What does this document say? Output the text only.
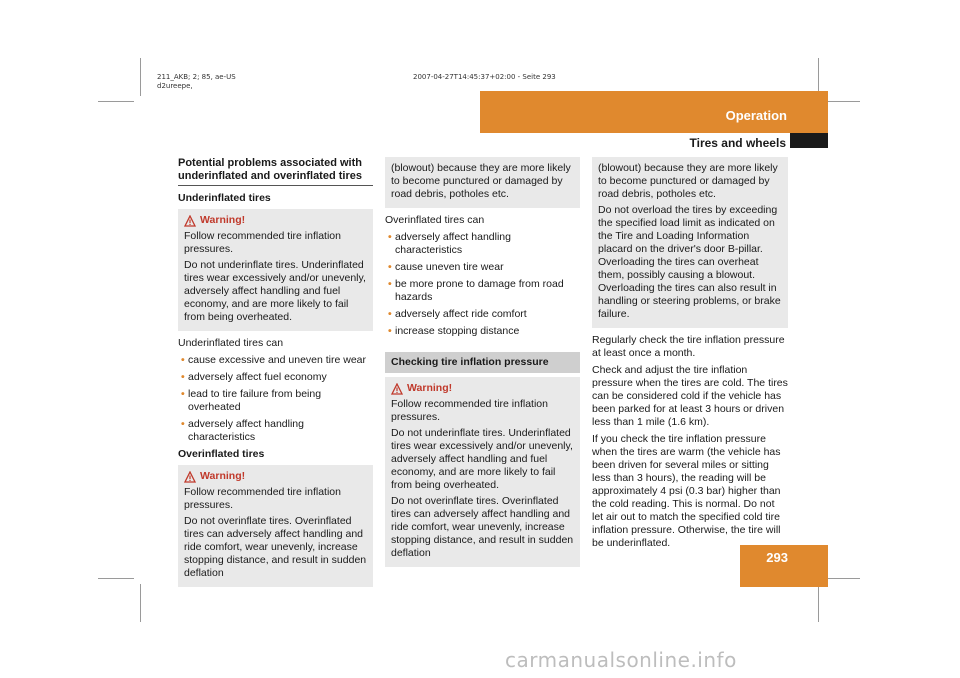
211_AKB; 2; 85, ae-US
d2ureepe,
2007-04-27T14:45:37+02:00 - Seite 293
Operation
Tires and wheels
293
Potential problems associated with underinflated and overinflated tires
Underinflated tires
Warning!

Follow recommended tire inflation pressures.

Do not underinflate tires. Underinflated tires wear excessively and/or unevenly, adversely affect handling and fuel economy, and are more likely to fail from being overheated.

Underinflated tires can

• cause excessive and uneven tire wear
• adversely affect fuel economy
• lead to tire failure from being overheated
• adversely affect handling characteristics
Overinflated tires
Warning!

Follow recommended tire inflation pressures.

Do not overinflate tires. Overinflated tires can adversely affect handling and ride comfort, wear unevenly, increase stopping distance, and result in sudden deflation

(blowout) because they are more likely to become punctured or damaged by road debris, potholes etc.

Overinflated tires can

• adversely affect handling characteristics
• cause uneven tire wear
• be more prone to damage from road hazards
• adversely affect ride comfort
• increase stopping distance
Checking tire inflation pressure
Warning!

Follow recommended tire inflation pressures.

Do not underinflate tires. Underinflated tires wear excessively and/or unevenly, adversely affect handling and fuel economy, and are more likely to fail from being overheated.

Do not overinflate tires. Overinflated tires can adversely affect handling and ride comfort, wear unevenly, increase stopping distance, and result in sudden deflation

(blowout) because they are more likely to become punctured or damaged by road debris, potholes etc.

Do not overload the tires by exceeding the specified load limit as indicated on the Tire and Loading Information placard on the driver's door B-pillar. Overloading the tires can overheat them, possibly causing a blowout. Overloading the tires can also result in handling or steering problems, or brake failure.

Regularly check the tire inflation pressure at least once a month.

Check and adjust the tire inflation pressure when the tires are cold. The tires can be considered cold if the vehicle has been parked for at least 3 hours or driven less than 1 mile (1.6 km).

If you check the tire inflation pressure when the tires are warm (the vehicle has been driven for several miles or sitting less than 3 hours), the reading will be approximately 4 psi (0.3 bar) higher than the cold reading. This is normal. Do not let air out to match the specified cold tire inflation pressure. Otherwise, the tire will be underinflated.

carmanualsonline.info
